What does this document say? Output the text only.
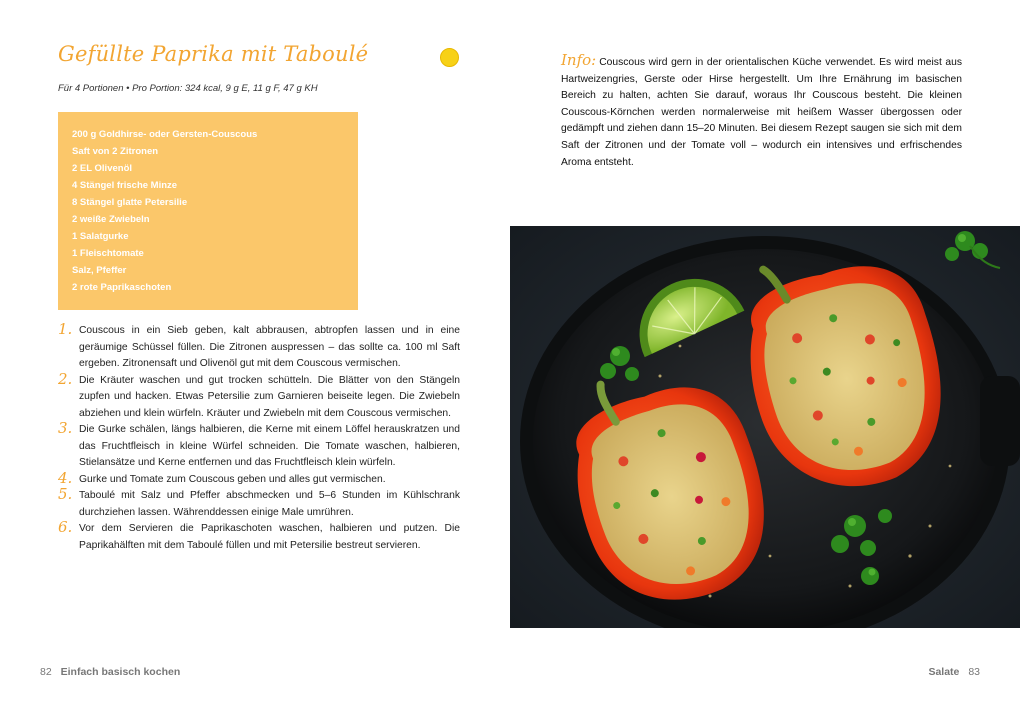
Gefüllte Paprika mit Taboulé
Für 4 Portionen • Pro Portion: 324 kcal, 9 g E, 11 g F, 47 g KH
200 g Goldhirse- oder Gersten-Couscous
Saft von 2 Zitronen
2 EL Olivenöl
4 Stängel frische Minze
8 Stängel glatte Petersilie
2 weiße Zwiebeln
1 Salatgurke
1 Fleischtomate
Salz, Pfeffer
2 rote Paprikaschoten
1. Couscous in ein Sieb geben, kalt abbrausen, abtropfen lassen und in eine geräumige Schüssel füllen. Die Zitronen auspressen – das sollte ca. 100 ml Saft ergeben. Zitronensaft und Olivenöl gut mit dem Couscous vermischen.
2. Die Kräuter waschen und gut trocken schütteln. Die Blätter von den Stängeln zupfen und hacken. Etwas Petersilie zum Garnieren beiseite legen. Die Zwiebeln abziehen und klein würfeln. Kräuter und Zwiebeln mit dem Couscous vermischen.
3. Die Gurke schälen, längs halbieren, die Kerne mit einem Löffel herauskratzen und das Fruchtfleisch in kleine Würfel schneiden. Die Tomate waschen, halbieren, Stielansätze und Kerne entfernen und das Fruchtfleisch klein würfeln.
4. Gurke und Tomate zum Couscous geben und alles gut vermischen.
5. Taboulé mit Salz und Pfeffer abschmecken und 5–6 Stunden im Kühlschrank durchziehen lassen. Währenddessen einige Male umrühren.
6. Vor dem Servieren die Paprikaschoten waschen, halbieren und putzen. Die Paprikahälften mit dem Taboulé füllen und mit Petersilie bestreut servieren.
82 Einfach basisch kochen

Info: Couscous wird gern in der orientalischen Küche verwendet. Es wird meist aus Hartweizengries, Gerste oder Hirse hergestellt. Um Ihre Ernährung im basischen Bereich zu halten, achten Sie darauf, woraus Ihr Couscous besteht. Die kleinen Couscous-Körnchen werden normalerweise mit heißem Wasser übergossen oder gedämpft und ziehen dann 15–20 Minuten. Bei diesem Rezept saugen sie sich mit dem Saft der Zitronen und der Tomate voll – wodurch ein intensives und erfrischendes Aroma entsteht.

Salate 83
